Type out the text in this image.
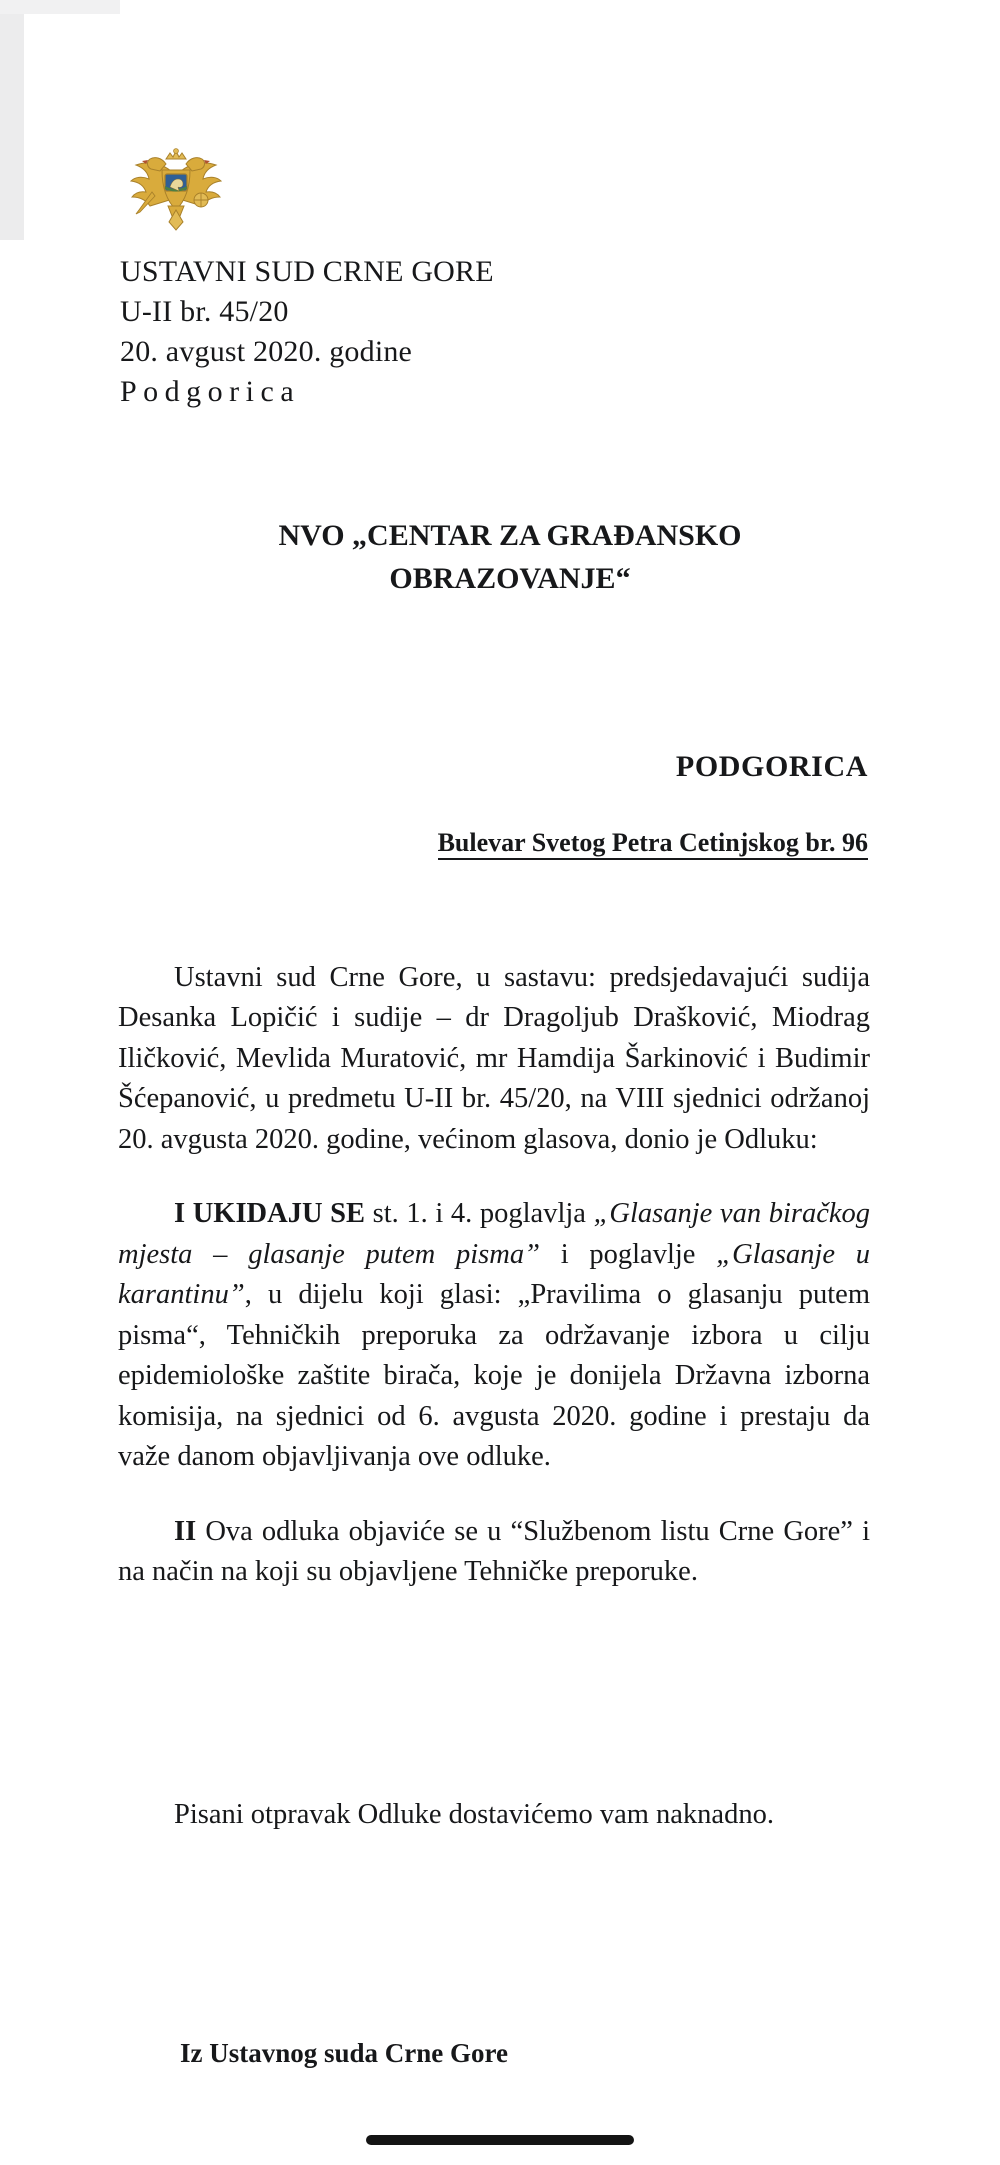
USTAVNI SUD CRNE GORE
U-II br. 45/20
20. avgust 2020. godine
Podgorica
NVO „CENTAR ZA GRAĐANSKO
OBRAZOVANJE“
PODGORICA
Bulevar Svetog Petra Cetinjskog br. 96

Ustavni sud Crne Gore, u sastavu: predsjedavajući sudija Desanka Lopičić i sudije – dr Dragoljub Drašković, Miodrag Iličković, Mevlida Muratović, mr Hamdija Šarkinović i Budimir Šćepanović, u predmetu U-II br. 45/20, na VIII sjednici održanoj 20. avgusta 2020. godine, većinom glasova, donio je Odluku:

I UKIDAJU SE st. 1. i 4. poglavlja „Glasanje van biračkog mjesta – glasanje putem pisma” i poglavlje „Glasanje u karantinu”, u dijelu koji glasi: „Pravilima o glasanju putem pisma“, Tehničkih preporuka za održavanje izbora u cilju epidemiološke zaštite birača, koje je donijela Državna izborna komisija, na sjednici od 6. avgusta 2020. godine i prestaju da važe danom objavljivanja ove odluke.

II Ova odluka objaviće se u “Službenom listu Crne Gore” i na način na koji su objavljene Tehničke preporuke.

Pisani otpravak Odluke dostavićemo vam naknadno.
Iz Ustavnog suda Crne Gore
